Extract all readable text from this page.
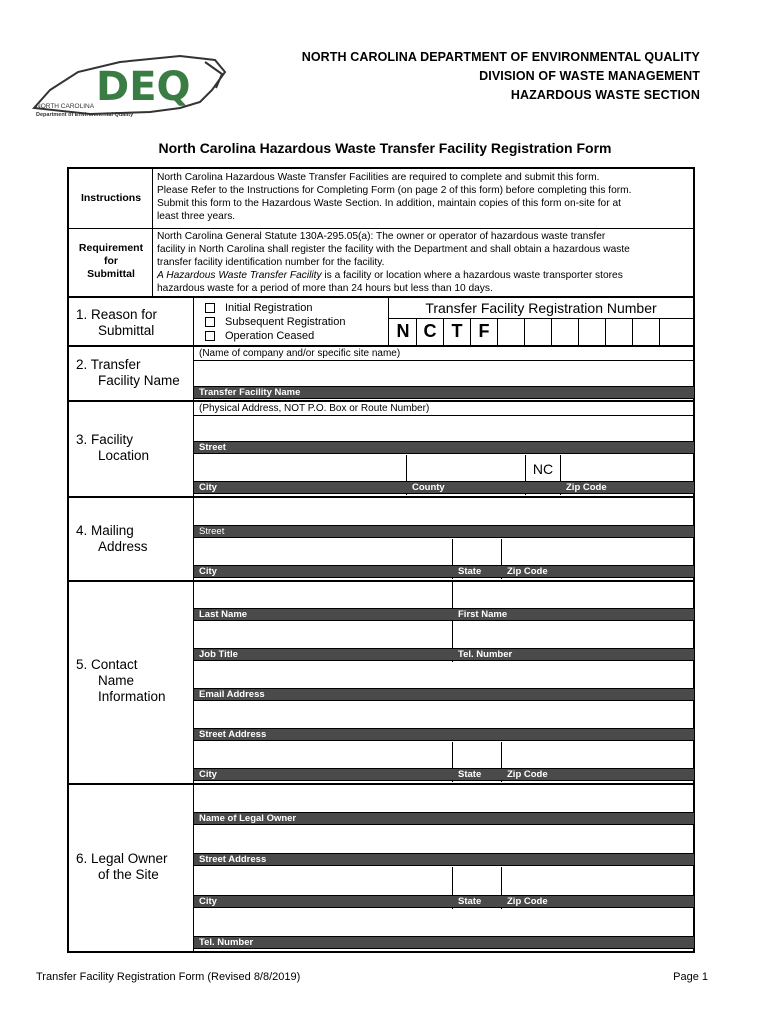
DEQ
NORTH CAROLINA
Department of Environmental Quality
NORTH CAROLINA DEPARTMENT OF ENVIRONMENTAL QUALITY
DIVISION OF WASTE MANAGEMENT
HAZARDOUS WASTE SECTION
North Carolina Hazardous Waste Transfer Facility Registration Form
Instructions
North Carolina Hazardous Waste Transfer Facilities are required to complete and submit this form.
Please Refer to the Instructions for Completing Form (on page 2 of this form) before completing this form.
Submit this form to the Hazardous Waste Section. In addition, maintain copies of this form on-site for at
least three years.
Requirement
for
Submittal
North Carolina General Statute 130A-295.05(a): The owner or operator of hazardous waste transfer
facility in North Carolina shall register the facility with the Department and shall obtain a hazardous waste
transfer facility identification number for the facility.
A Hazardous Waste Transfer Facility is a facility or location where a hazardous waste transporter stores
hazardous waste for a period of more than 24 hours but less than 10 days.
1. Reason for
Submittal
Initial Registration
Subsequent Registration
Operation Ceased
Transfer Facility Registration Number
N C T F
2. Transfer
Facility Name
(Name of company and/or specific site name)
Transfer Facility Name
3. Facility
Location
(Physical Address, NOT P.O. Box or Route Number)
Street
NC
City	County	Zip Code
4. Mailing
Address
Street
City	State	Zip Code
5. Contact
Name
Information
Last Name	First Name
Job Title	Tel. Number
Email Address
Street Address
City	State	Zip Code
6. Legal Owner
of the Site
Name of Legal Owner
Street Address
City	State	Zip Code
Tel. Number
Transfer Facility Registration Form (Revised 8/8/2019)	Page 1
